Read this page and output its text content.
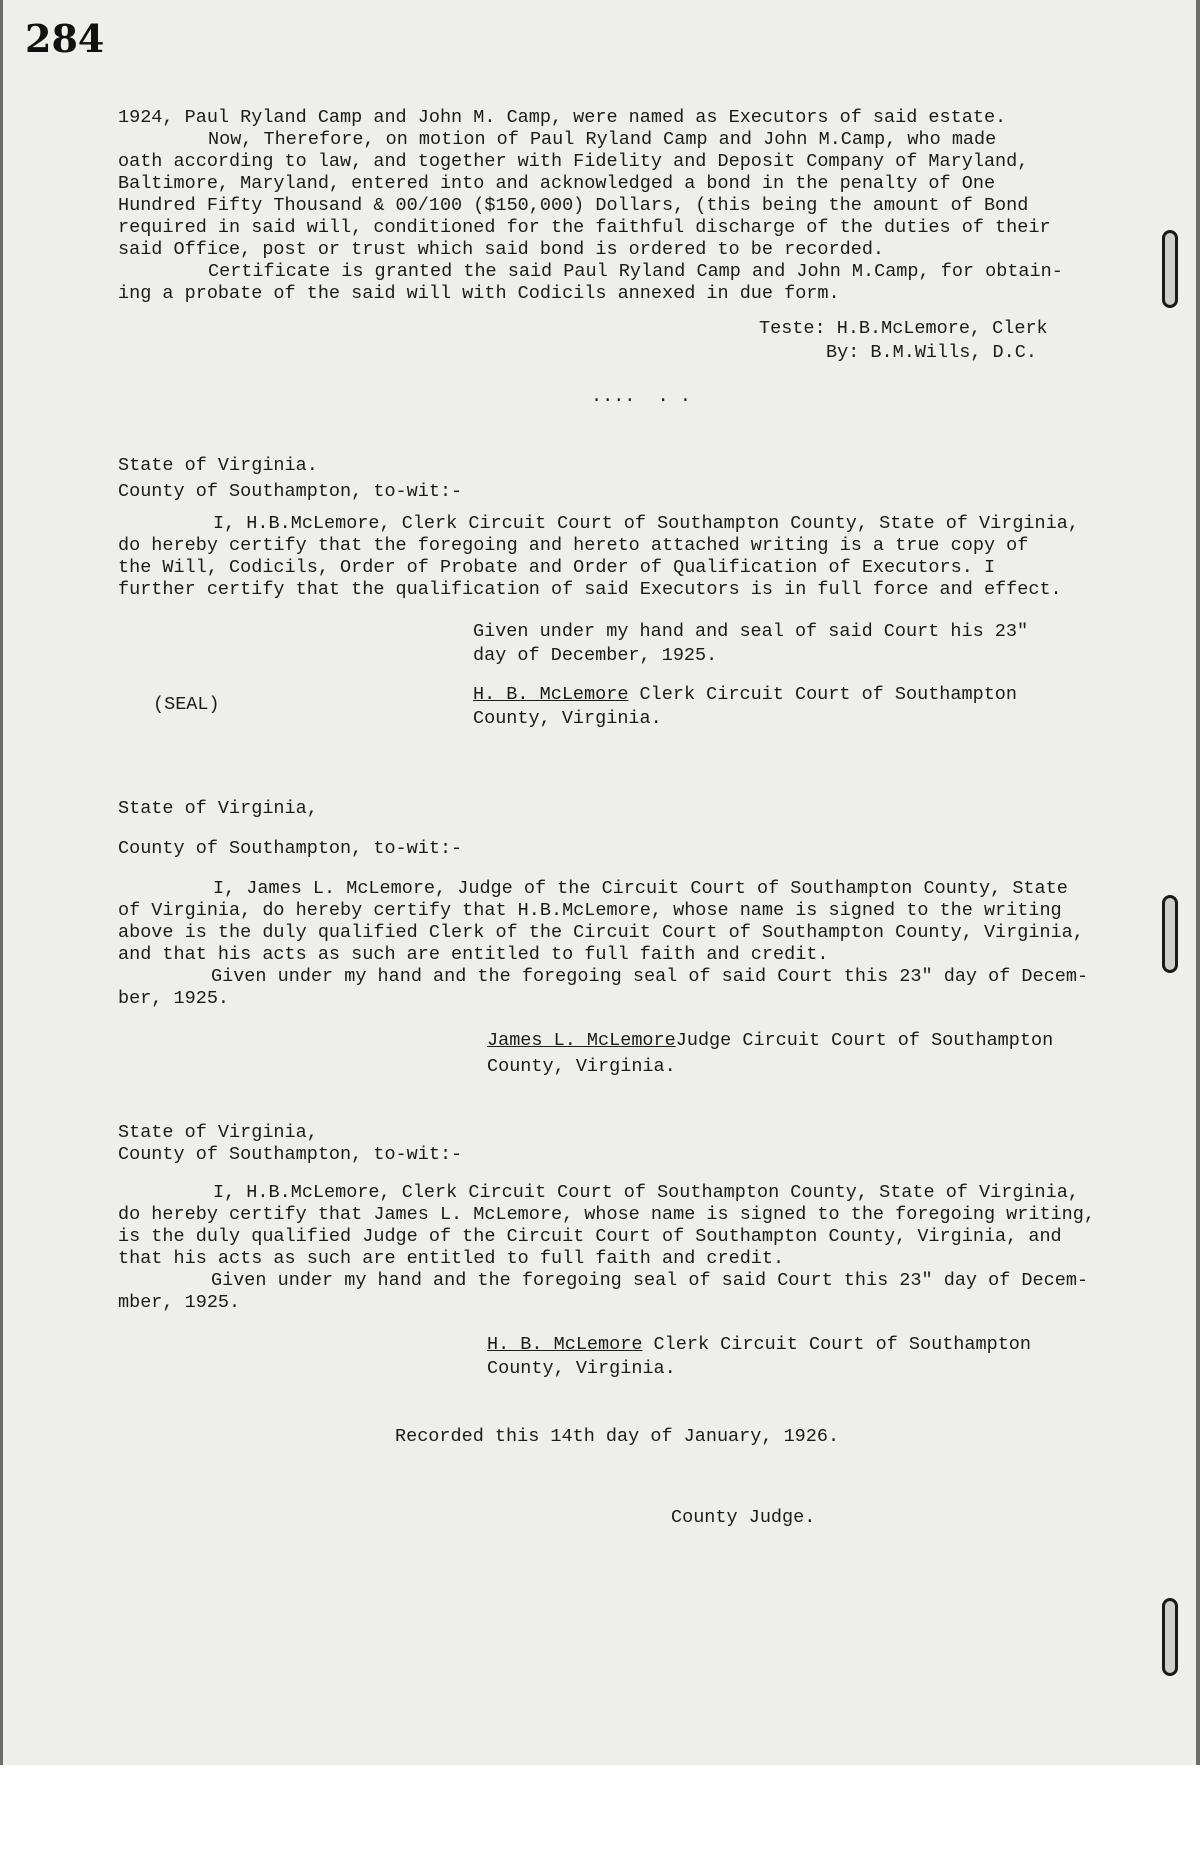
284
1924, Paul Ryland Camp and John M. Camp, were named as Executors of said estate.
Now, Therefore, on motion of Paul Ryland Camp and John M.Camp, who made
oath according to law, and together with Fidelity and Deposit Company of Maryland,
Baltimore, Maryland, entered into and acknowledged a bond in the penalty of One
Hundred Fifty Thousand & 00/100 ($150,000) Dollars, (this being the amount of Bond
required in said will, conditioned for the faithful discharge of the duties of their
said Office, post or trust which said bond is ordered to be recorded.
Certificate is granted the said Paul Ryland Camp and John M.Camp, for obtain-
ing a probate of the said will with Codicils annexed in due form.
Teste: H.B.McLemore, Clerk
By: B.M.Wills, D.C.
....  . .
State of Virginia.
County of Southampton, to-wit:-
I, H.B.McLemore, Clerk Circuit Court of Southampton County, State of Virginia,
do hereby certify that the foregoing and hereto attached writing is a true copy of
the Will, Codicils, Order of Probate and Order of Qualification of Executors. I
further certify that the qualification of said Executors is in full force and effect.
Given under my hand and seal of said Court his 23"
day of December, 1925.
(SEAL)	H. B. McLemore Clerk Circuit Court of Southampton
County, Virginia.
State of Virginia,
County of Southampton, to-wit:-
I, James L. McLemore, Judge of the Circuit Court of Southampton County, State
of Virginia, do hereby certify that H.B.McLemore, whose name is signed to the writing
above is the duly qualified Clerk of the Circuit Court of Southampton County, Virginia,
and that his acts as such are entitled to full faith and credit.
Given under my hand and the foregoing seal of said Court this 23" day of Decem-
ber, 1925.
James L. McLemoreJudge Circuit Court of Southampton
County, Virginia.
State of Virginia,
County of Southampton, to-wit:-
I, H.B.McLemore, Clerk Circuit Court of Southampton County, State of Virginia,
do hereby certify that James L. McLemore, whose name is signed to the foregoing writing,
is the duly qualified Judge of the Circuit Court of Southampton County, Virginia, and
that his acts as such are entitled to full faith and credit.
Given under my hand and the foregoing seal of said Court this 23" day of Decem-
mber, 1925.
H. B. McLemore Clerk Circuit Court of Southampton
County, Virginia.
Recorded this 14th day of January, 1926.
County Judge.
